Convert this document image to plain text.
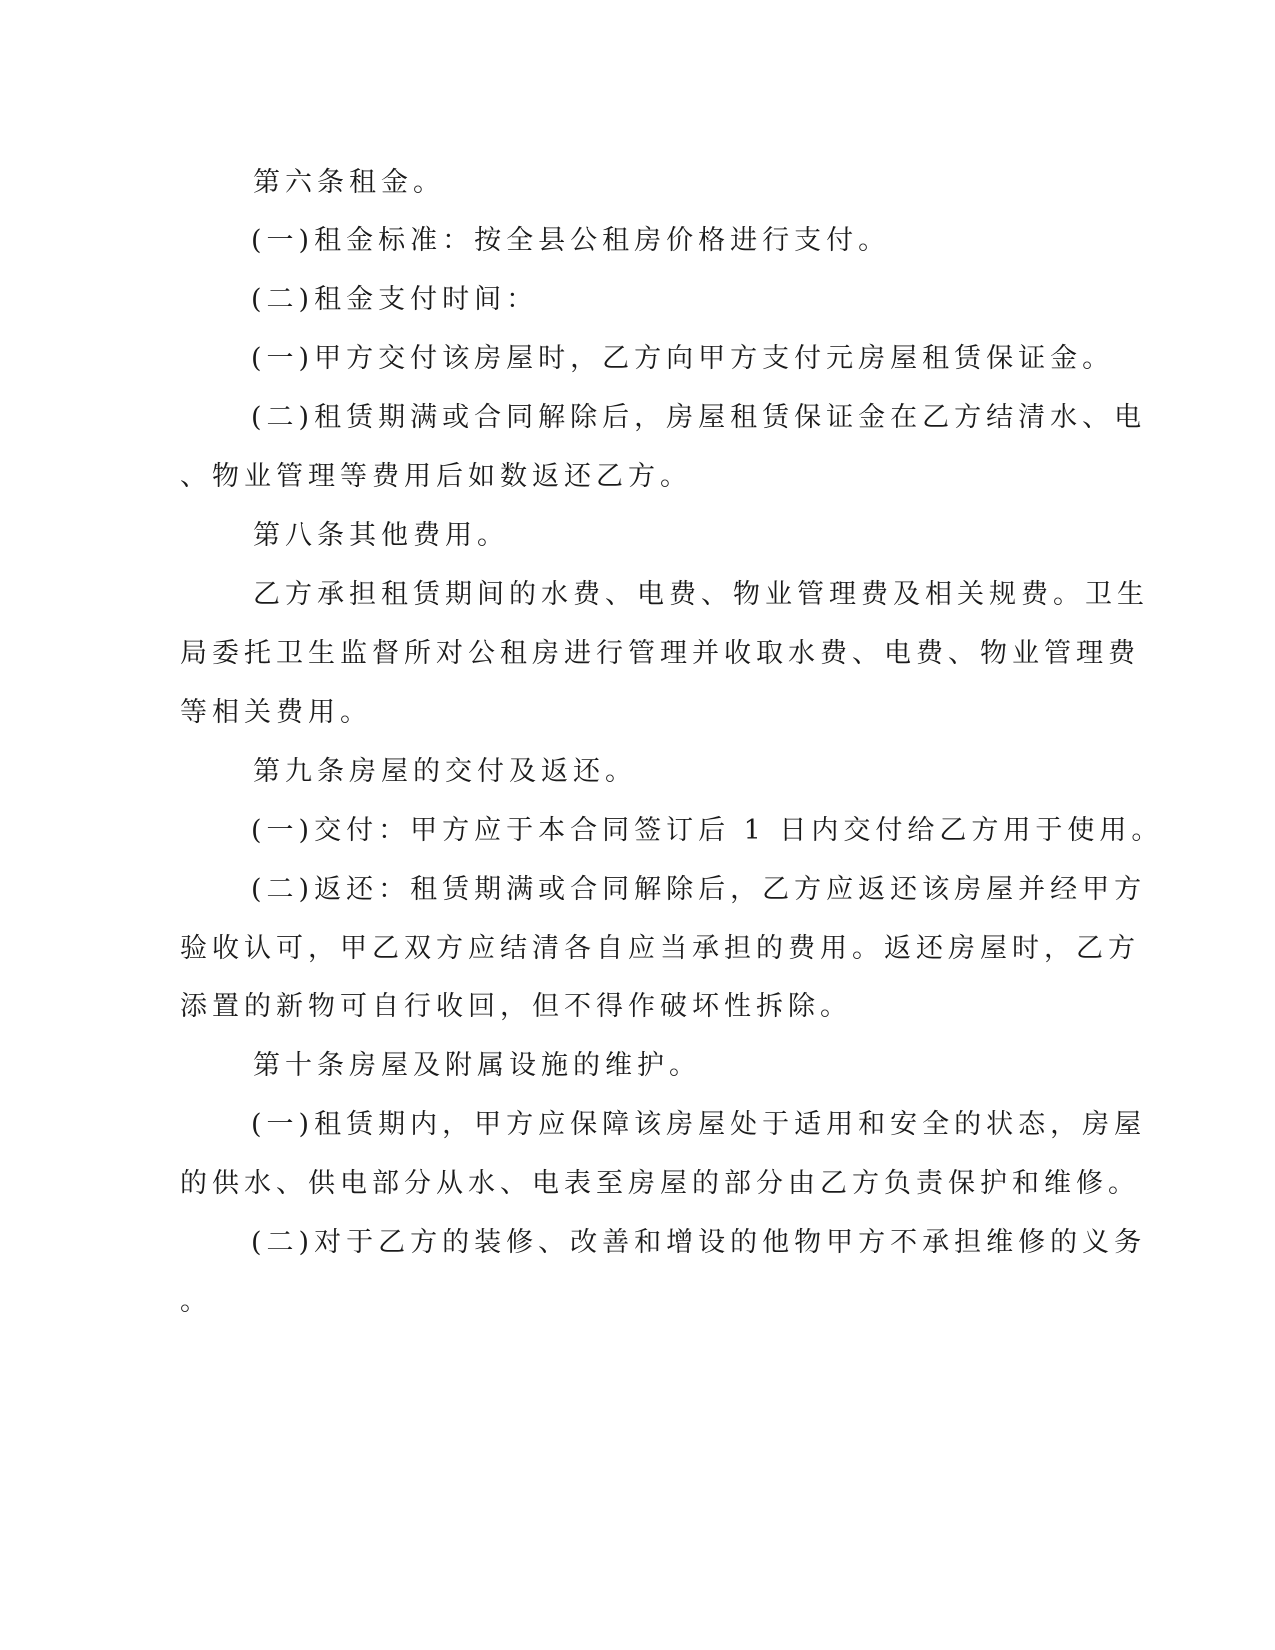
第六条租金。
(一)租金标准：按全县公租房价格进行支付。
(二)租金支付时间：
(一)甲方交付该房屋时，乙方向甲方支付元房屋租赁保证金。
(二)租赁期满或合同解除后，房屋租赁保证金在乙方结清水、电
、物业管理等费用后如数返还乙方。
第八条其他费用。
乙方承担租赁期间的水费、电费、物业管理费及相关规费。卫生
局委托卫生监督所对公租房进行管理并收取水费、电费、物业管理费
等相关费用。
第九条房屋的交付及返还。
(一)交付：甲方应于本合同签订后 1 日内交付给乙方用于使用。
(二)返还：租赁期满或合同解除后，乙方应返还该房屋并经甲方
验收认可，甲乙双方应结清各自应当承担的费用。返还房屋时，乙方
添置的新物可自行收回，但不得作破坏性拆除。
第十条房屋及附属设施的维护。
(一)租赁期内，甲方应保障该房屋处于适用和安全的状态，房屋
的供水、供电部分从水、电表至房屋的部分由乙方负责保护和维修。
(二)对于乙方的装修、改善和增设的他物甲方不承担维修的义务
。
